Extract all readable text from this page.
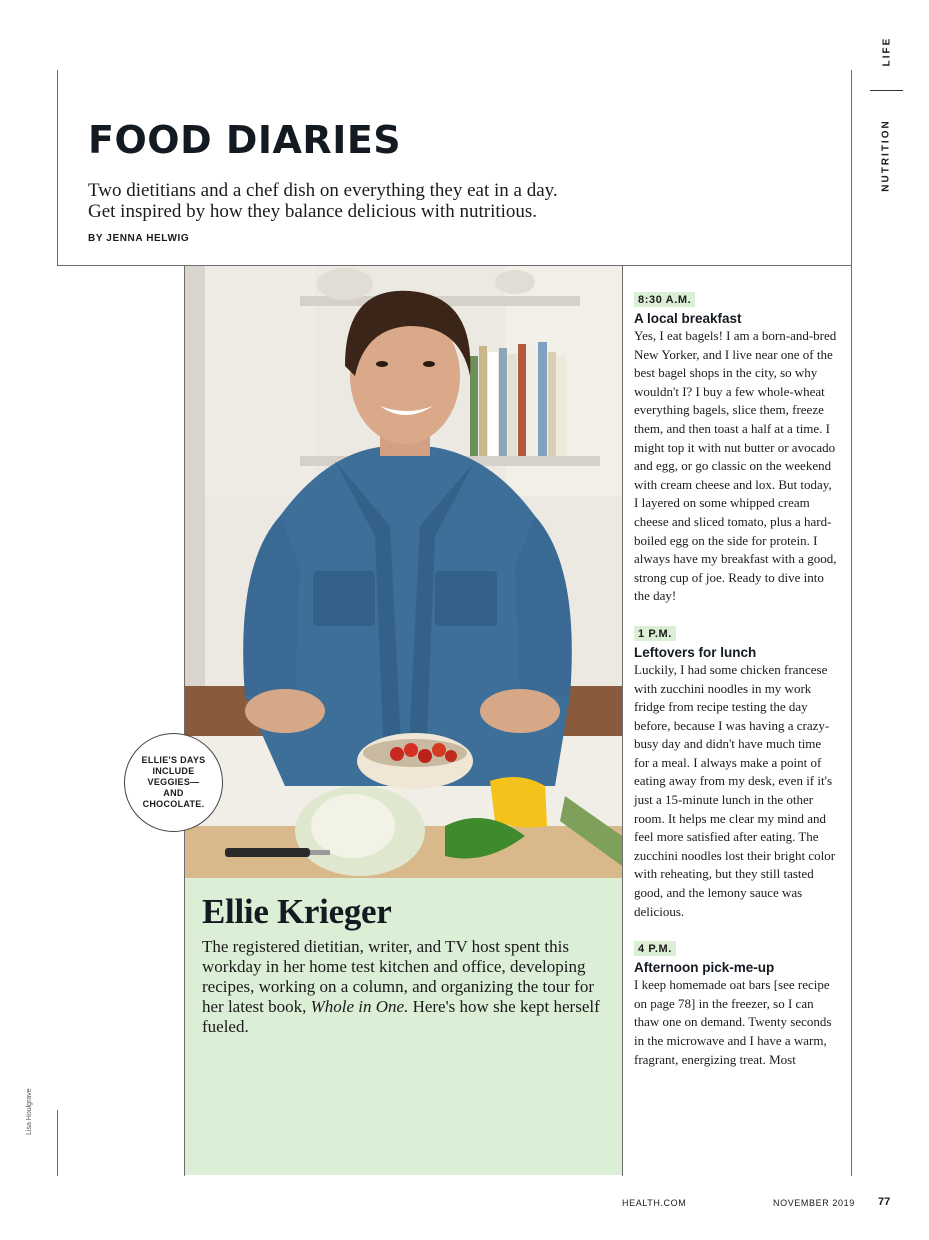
LIFE
NUTRITION
FOOD DIARIES
Two dietitians and a chef dish on everything they eat in a day.
Get inspired by how they balance delicious with nutritious.
BY JENNA HELWIG
ELLIE'S DAYS INCLUDE VEGGIES— AND CHOCOLATE.
Ellie Krieger
The registered dietitian, writer, and TV host spent this workday in her home test kitchen and office, developing recipes, working on a column, and organizing the tour for her latest book, Whole in One. Here's how she kept herself fueled.
8:30 A.M.
A local breakfast

Yes, I eat bagels! I am a born-and-bred New Yorker, and I live near one of the best bagel shops in the city, so why wouldn't I? I buy a few whole-wheat everything bagels, slice them, freeze them, and then toast a half at a time. I might top it with nut butter or avocado and egg, or go classic on the weekend with cream cheese and lox. But today, I layered on some whipped cream cheese and sliced tomato, plus a hard-boiled egg on the side for protein. I always have my breakfast with a good, strong cup of joe. Ready to dive into the day!

1 P.M.
Leftovers for lunch

Luckily, I had some chicken francese with zucchini noodles in my work fridge from recipe testing the day before, because I was having a crazy-busy day and didn't have much time for a meal. I always make a point of eating away from my desk, even if it's just a 15-minute lunch in the other room. It helps me clear my mind and feel more satisfied after eating. The zucchini noodles lost their bright color with reheating, but they still tasted good, and the lemony sauce was delicious.

4 P.M.
Afternoon pick-me-up

I keep homemade oat bars [see recipe on page 78] in the freezer, so I can thaw one on demand. Twenty seconds in the microwave and I have a warm, fragrant, energizing treat. Most

HEALTH.COM	NOVEMBER 2019 77
Lisa Houlgrave
